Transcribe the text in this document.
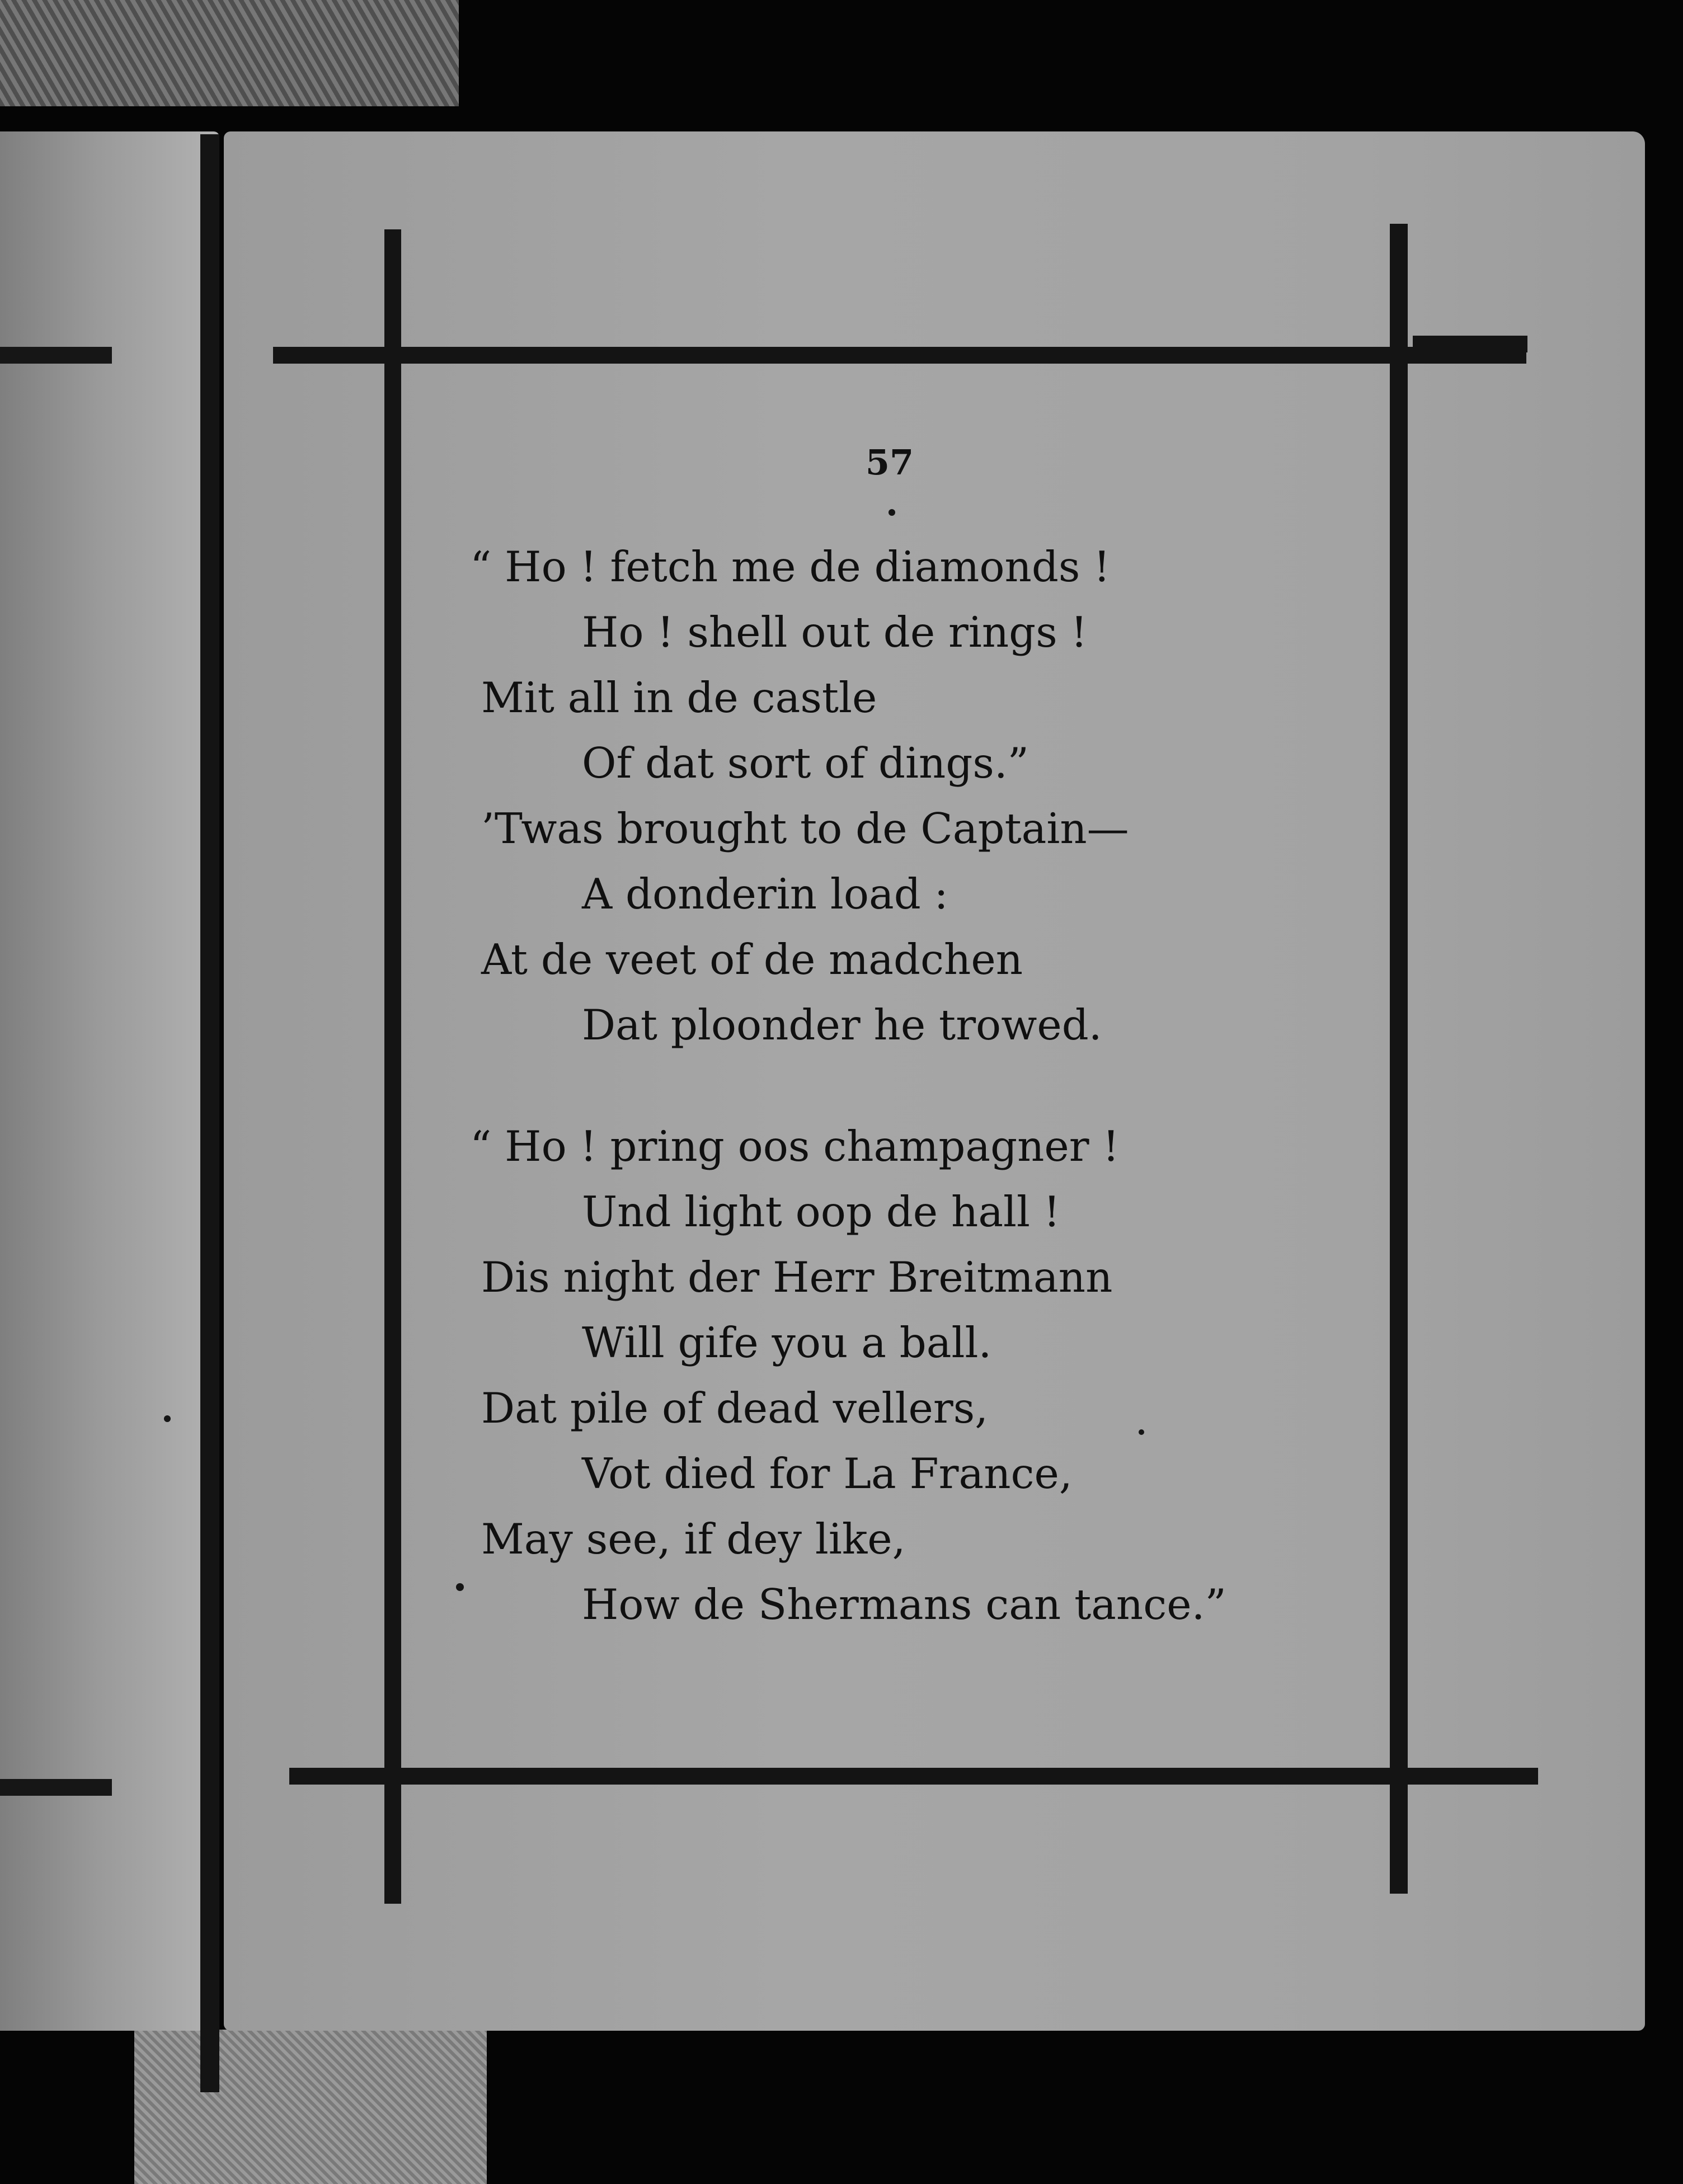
57
“ Ho ! fetch me de diamonds !
Ho ! shell out de rings !
Mit all in de castle
Of dat sort of dings.”
’Twas brought to de Captain—
A donderin load :
At de veet of de madchen
Dat ploonder he trowed.
“ Ho ! pring oos champagner !
Und light oop de hall !
Dis night der Herr Breitmann
Will gife you a ball.
Dat pile of dead vellers,
Vot died for La France,
May see, if dey like,
How de Shermans can tance.”
